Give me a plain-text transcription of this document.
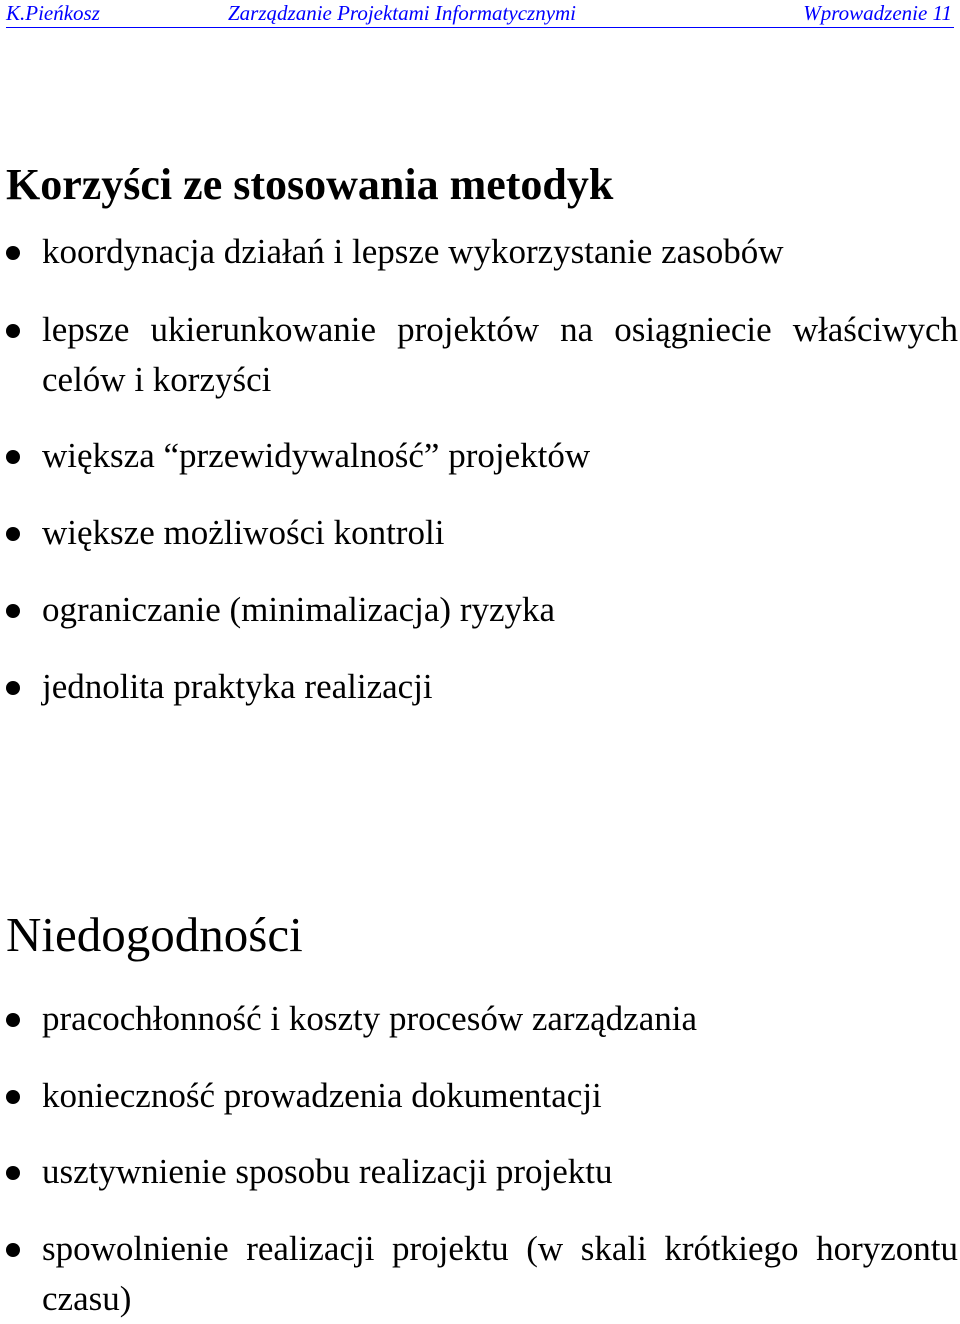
K.Pieńkosz	Zarządzanie Projektami Informatycznymi	Wprowadzenie 11
Korzyści ze stosowania metodyk
koordynacja działań i lepsze wykorzystanie zasobów
lepsze ukierunkowanie projektów na osiągniecie właściwych celów i korzyści
większa “przewidywalność” projektów
większe możliwości kontroli
ograniczanie (minimalizacja) ryzyka
jednolita praktyka realizacji
Niedogodności
pracochłonność i koszty procesów zarządzania
konieczność prowadzenia dokumentacji
usztywnienie sposobu realizacji projektu
spowolnienie realizacji projektu (w skali krótkiego horyzontu czasu)
